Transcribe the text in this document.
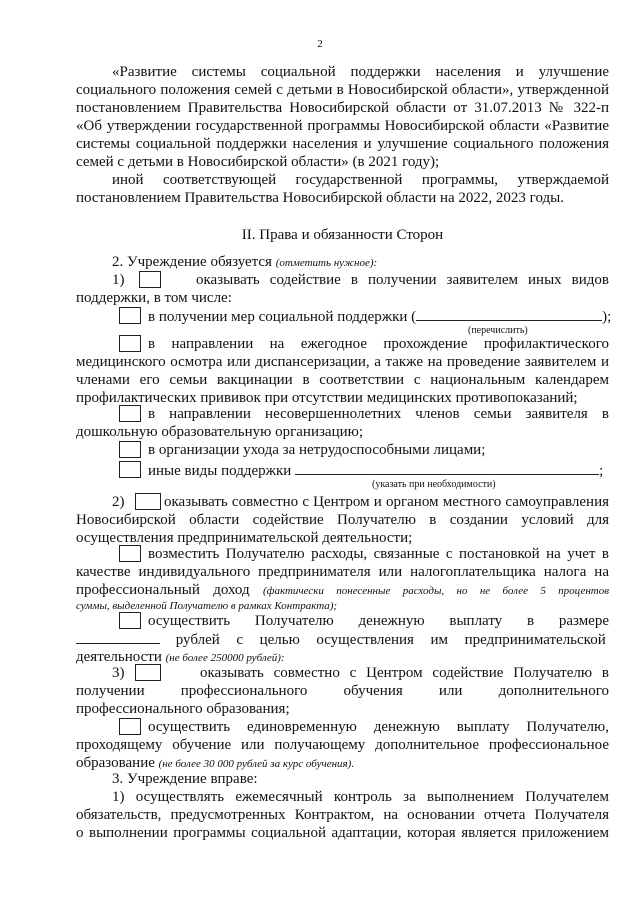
2
«Развитие системы социальной поддержки населения и улучшение
социального положения семей с детьми в Новосибирской области», утвержденной
постановлением Правительства Новосибирской области от 31.07.2013 № 322-п
«Об утверждении государственной программы Новосибирской области «Развитие
системы социальной поддержки населения и улучшение социального положения
семей с детьми в Новосибирской области» (в 2021 году);
иной соответствующей государственной программы, утверждаемой
постановлением Правительства Новосибирской области на 2022, 2023 годы.
II. Права и обязанности Сторон
2. Учреждение обязуется (отметить нужное):
1)	оказывать содействие в получении заявителем иных видов
поддержки, в том числе:
в получении мер социальной поддержки (	);
(перечислить)
в направлении на ежегодное прохождение профилактического
медицинского осмотра или диспансеризации, а также на проведение заявителем и
членами его семьи вакцинации в соответствии с национальным календарем
профилактических прививок при отсутствии медицинских противопоказаний;
в направлении несовершеннолетних членов семьи заявителя в
дошкольную образовательную организацию;
в организации ухода за нетрудоспособными лицами;
иные виды поддержки	;
(указать при необходимости)
2)	оказывать совместно с Центром и органом местного самоуправления
Новосибирской области содействие Получателю в создании условий для
осуществления предпринимательской деятельности;
возместить Получателю расходы, связанные с постановкой на учет в
качестве индивидуального предпринимателя или налогоплательщика налога на
профессиональный доход (фактически понесенные расходы, но не более 5 процентов
суммы, выделенной Получателю в рамках Контракта);
осуществить Получателю денежную выплату в размере
рублей с целью осуществления им предпринимательской
деятельности (не более 250000 рублей):
3)	оказывать совместно с Центром содействие Получателю в
получении профессионального обучения или дополнительного
профессионального образования;
осуществить единовременную денежную выплату Получателю,
проходящему обучение или получающему дополнительное профессиональное
образование (не более 30 000 рублей за курс обучения).
3. Учреждение вправе:
1) осуществлять ежемесячный контроль за выполнением Получателем
обязательств, предусмотренных Контрактом, на основании отчета Получателя
о выполнении программы социальной адаптации, которая является приложением
